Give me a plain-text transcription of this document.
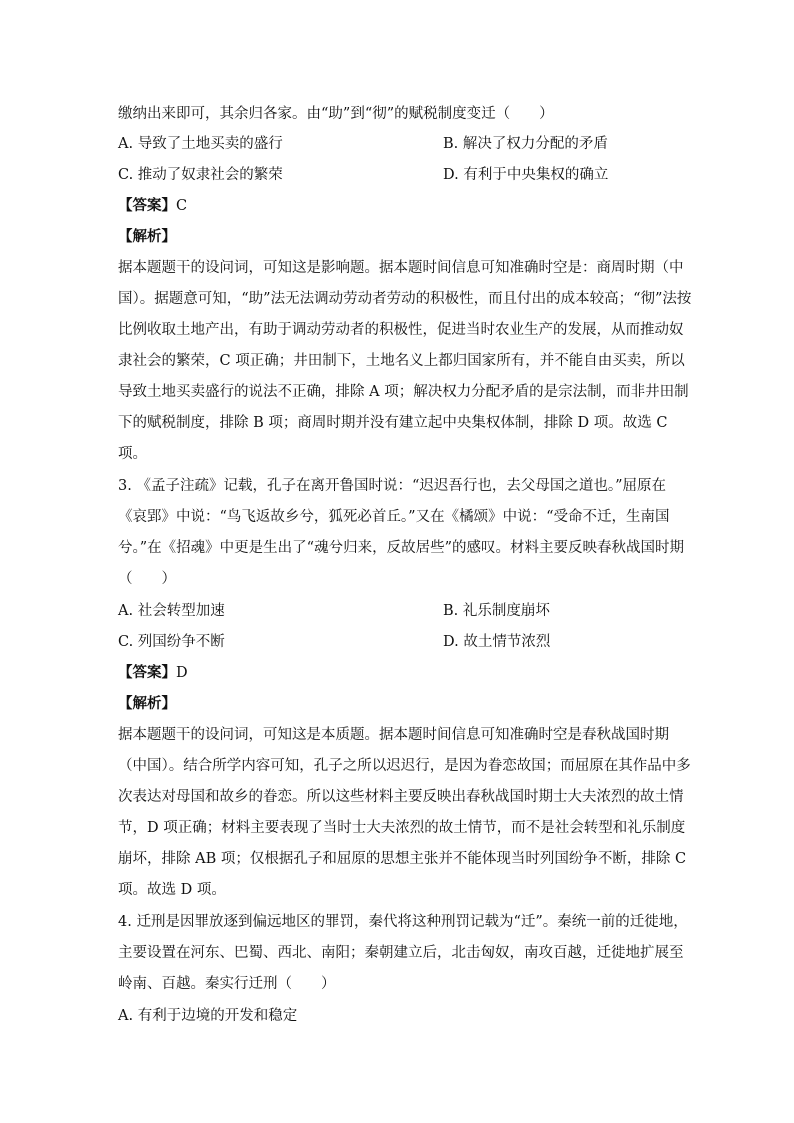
缴纳出来即可，其余归各家。由“助”到“彻”的赋税制度变迁（　　）
A. 导致了土地买卖的盛行	B. 解决了权力分配的矛盾
C. 推动了奴隶社会的繁荣	D. 有利于中央集权的确立
【答案】C
【解析】
据本题题干的设问词，可知这是影响题。据本题时间信息可知准确时空是：商周时期（中
国）。据题意可知，“助”法无法调动劳动者劳动的积极性，而且付出的成本较高；“彻”法按
比例收取土地产出，有助于调动劳动者的积极性，促进当时农业生产的发展，从而推动奴
隶社会的繁荣，C 项正确；井田制下，土地名义上都归国家所有，并不能自由买卖，所以
导致土地买卖盛行的说法不正确，排除 A 项；解决权力分配矛盾的是宗法制，而非井田制
下的赋税制度，排除 B 项；商周时期并没有建立起中央集权体制，排除 D 项。故选 C
项。
3. 《孟子注疏》记载，孔子在离开鲁国时说：“迟迟吾行也，去父母国之道也。”屈原在
《哀郢》中说：“鸟飞返故乡兮，狐死必首丘。”又在《橘颂》中说：“受命不迁，生南国
兮。”在《招魂》中更是生出了“魂兮归来，反故居些”的感叹。材料主要反映春秋战国时期
（　　）
A. 社会转型加速	B. 礼乐制度崩坏
C. 列国纷争不断	D. 故土情节浓烈
【答案】D
【解析】
据本题题干的设问词，可知这是本质题。据本题时间信息可知准确时空是春秋战国时期
（中国）。结合所学内容可知，孔子之所以迟迟行，是因为眷恋故国；而屈原在其作品中多
次表达对母国和故乡的眷恋。所以这些材料主要反映出春秋战国时期士大夫浓烈的故土情
节，D 项正确；材料主要表现了当时士大夫浓烈的故土情节，而不是社会转型和礼乐制度
崩坏，排除 AB 项；仅根据孔子和屈原的思想主张并不能体现当时列国纷争不断，排除 C
项。故选 D 项。
4. 迁刑是因罪放逐到偏远地区的罪罚，秦代将这种刑罚记载为“迁”。秦统一前的迁徙地，
主要设置在河东、巴蜀、西北、南阳；秦朝建立后，北击匈奴，南攻百越，迁徙地扩展至
岭南、百越。秦实行迁刑（　　）
A. 有利于边境的开发和稳定
